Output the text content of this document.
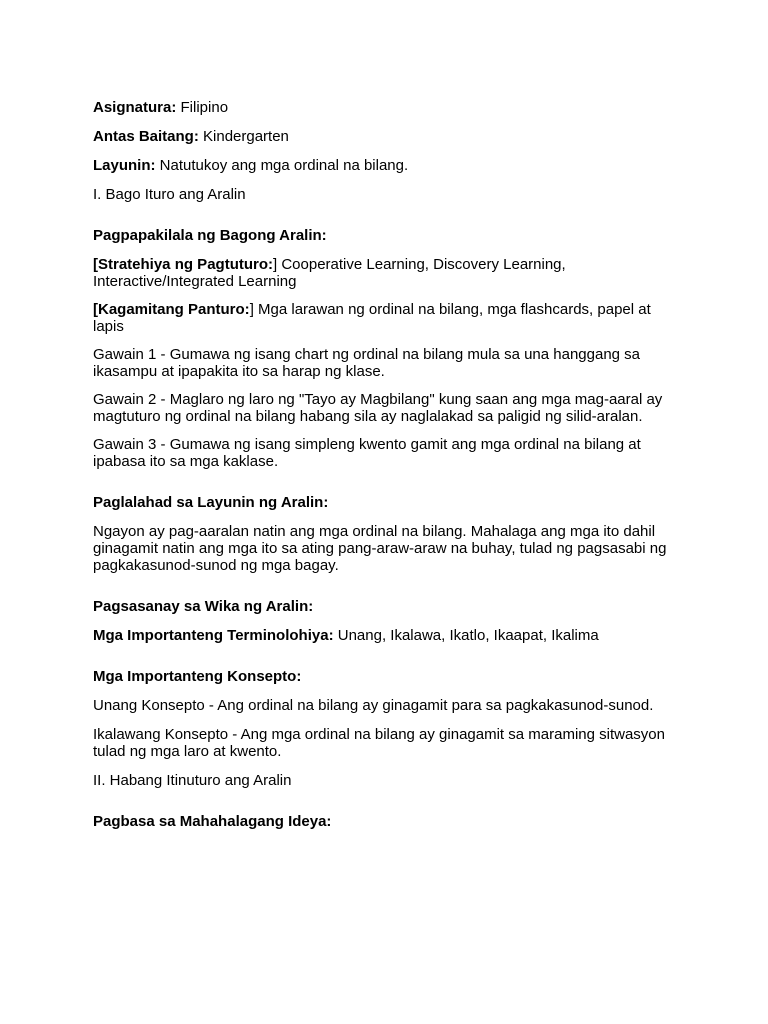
Asignatura: Filipino

Antas Baitang: Kindergarten

Layunin: Natutukoy ang mga ordinal na bilang.

I. Bago Ituro ang Aralin

Pagpapakilala ng Bagong Aralin:

[Stratehiya ng Pagtuturo:] Cooperative Learning, Discovery Learning, Interactive/Integrated Learning

[Kagamitang Panturo:] Mga larawan ng ordinal na bilang, mga flashcards, papel at lapis

Gawain 1 - Gumawa ng isang chart ng ordinal na bilang mula sa una hanggang sa ikasampu at ipapakita ito sa harap ng klase.

Gawain 2 - Maglaro ng laro ng "Tayo ay Magbilang" kung saan ang mga mag-aaral ay magtuturo ng ordinal na bilang habang sila ay naglalakad sa paligid ng silid-aralan.

Gawain 3 - Gumawa ng isang simpleng kwento gamit ang mga ordinal na bilang at ipabasa ito sa mga kaklase.

Paglalahad sa Layunin ng Aralin:

Ngayon ay pag-aaralan natin ang mga ordinal na bilang. Mahalaga ang mga ito dahil ginagamit natin ang mga ito sa ating pang-araw-araw na buhay, tulad ng pagsasabi ng pagkakasunod-sunod ng mga bagay.

Pagsasanay sa Wika ng Aralin:

Mga Importanteng Terminolohiya: Unang, Ikalawa, Ikatlo, Ikaapat, Ikalima

Mga Importanteng Konsepto:

Unang Konsepto - Ang ordinal na bilang ay ginagamit para sa pagkakasunod-sunod.

Ikalawang Konsepto - Ang mga ordinal na bilang ay ginagamit sa maraming sitwasyon tulad ng mga laro at kwento.

II. Habang Itinuturo ang Aralin

Pagbasa sa Mahahalagang Ideya:
